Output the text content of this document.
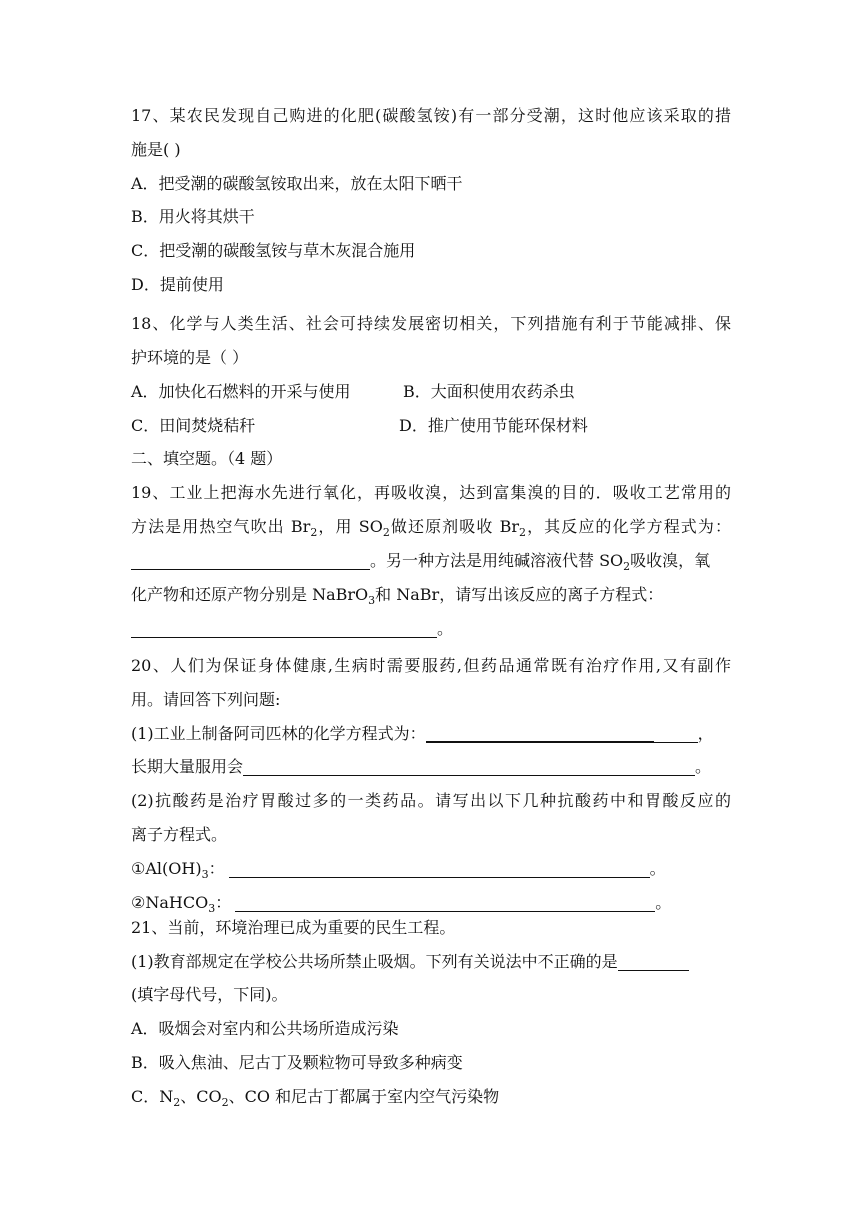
17、某农民发现自己购进的化肥(碳酸氢铵)有一部分受潮，这时他应该采取的措
施是( )
A．把受潮的碳酸氢铵取出来，放在太阳下晒干
B．用火将其烘干
C．把受潮的碳酸氢铵与草木灰混合施用
D．提前使用
18、化学与人类生活、社会可持续发展密切相关，下列措施有利于节能减排、保
护环境的是（ ）
A．加快化石燃料的开采与使用	B．大面积使用农药杀虫
C．田间焚烧秸秆	D．推广使用节能环保材料
二、填空题。（4 题）
19、工业上把海水先进行氧化，再吸收溴，达到富集溴的目的．吸收工艺常用的
方法是用热空气吹出 $Br_2$，用 $SO_2$做还原剂吸收 $Br_2$，其反应的化学方程式为：
。另一种方法是用纯碱溶液代替 $SO_2$吸收溴，氧
化产物和还原产物分别是 NaBrO$_3$和 NaBr，请写出该反应的离子方程式：
。
20、人们为保证身体健康,生病时需要服药,但药品通常既有治疗作用,又有副作
用。请回答下列问题:
(1)工业上制备阿司匹林的化学方程式为：	，
长期大量服用会	。
(2)抗酸药是治疗胃酸过多的一类药品。请写出以下几种抗酸药中和胃酸反应的
离子方程式。
$①Al(OH)_3$：	。
②NaHCO$_3$：	。
21、当前，环境治理已成为重要的民生工程。
(1)教育部规定在学校公共场所禁止吸烟。下列有关说法中不正确的是
(填字母代号，下同)。
A．吸烟会对室内和公共场所造成污染
B．吸入焦油、尼古丁及颗粒物可导致多种病变
C．$N_2$、$CO_2$、CO 和尼古丁都属于室内空气污染物
